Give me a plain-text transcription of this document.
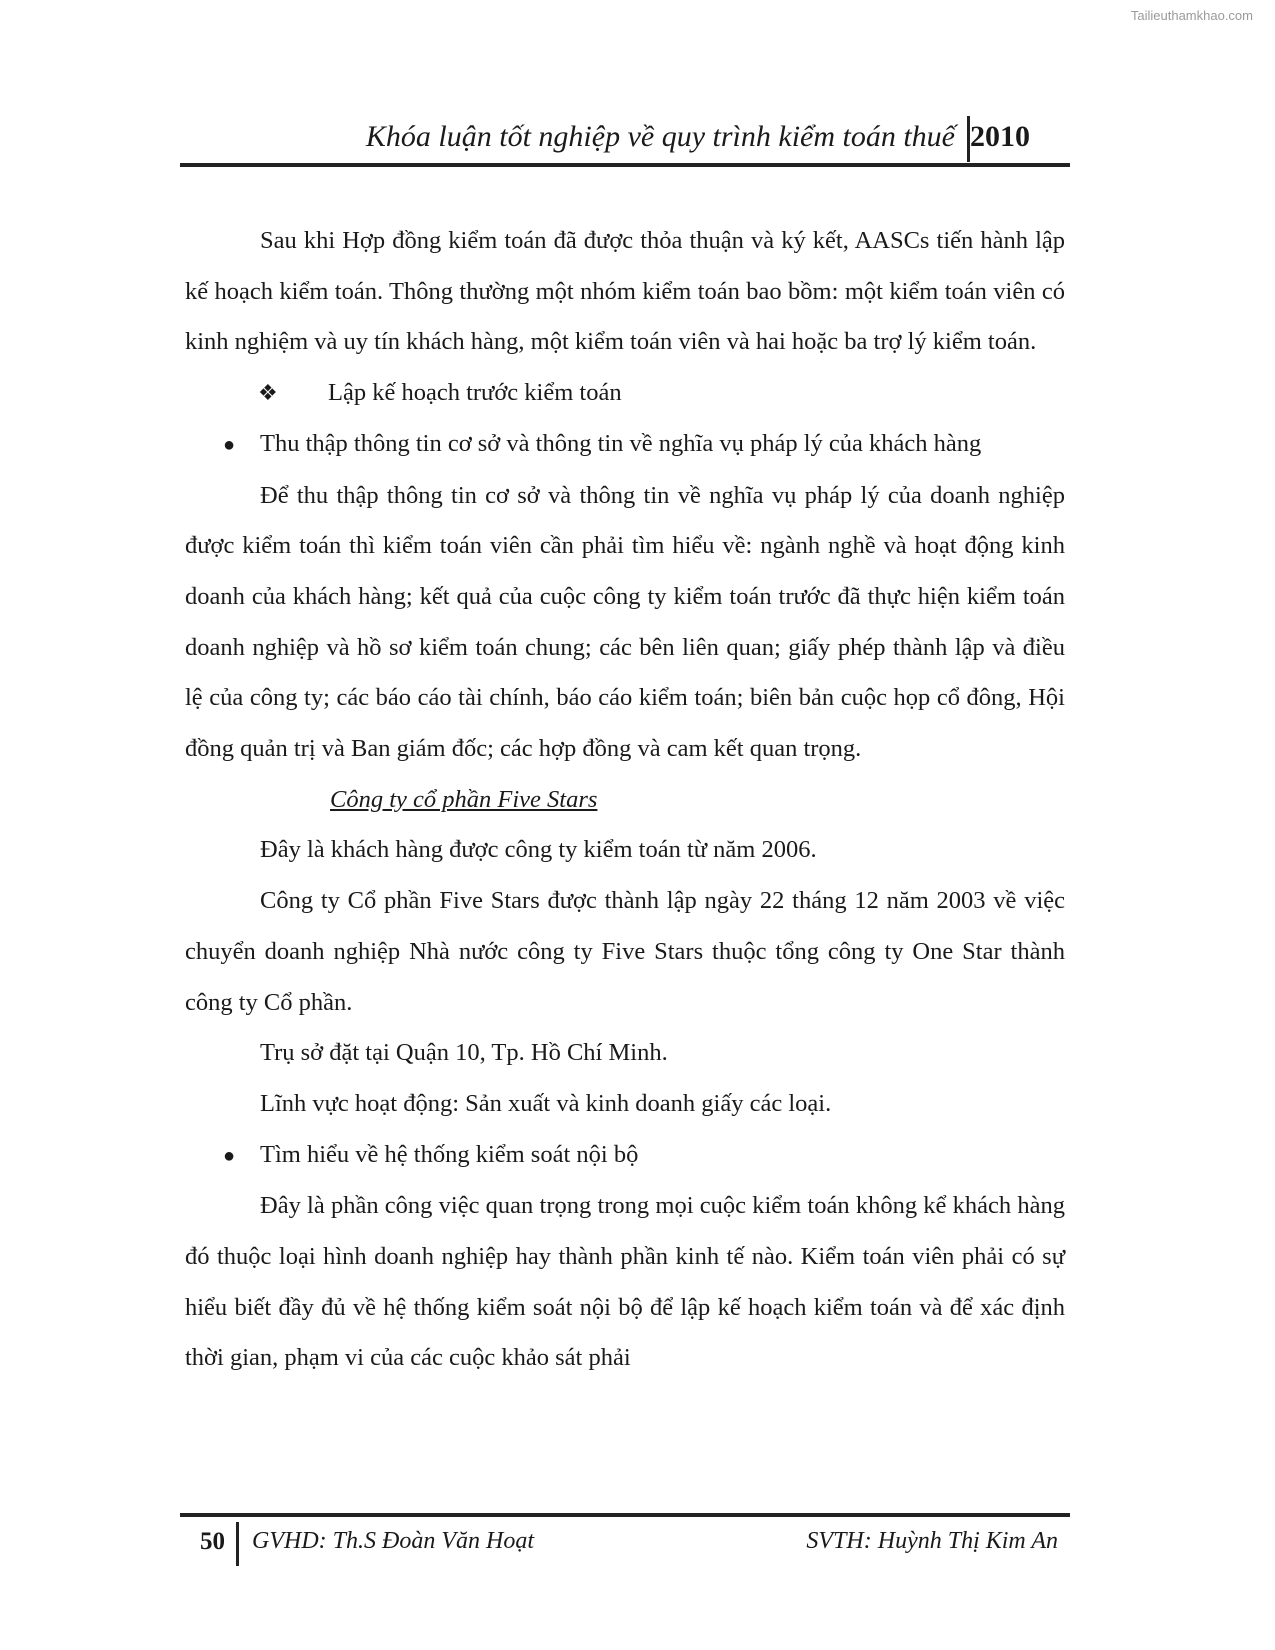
Tailieuthamkhao.com
Khóa luận tốt nghiệp về quy trình kiểm toán thuế 2010

Sau khi Hợp đồng kiểm toán đã được thỏa thuận và ký kết, AASCs tiến hành lập kế hoạch kiểm toán. Thông thường một nhóm kiểm toán bao bồm: một kiểm toán viên có kinh nghiệm và uy tín khách hàng, một kiểm toán viên và hai hoặc ba trợ lý kiểm toán.

❖ Lập kế hoạch trước kiểm toán

● Thu thập thông tin cơ sở và thông tin về nghĩa vụ pháp lý của khách hàng

Để thu thập thông tin cơ sở và thông tin về nghĩa vụ pháp lý của doanh nghiệp được kiểm toán thì kiểm toán viên cần phải tìm hiểu về: ngành nghề và hoạt động kinh doanh của khách hàng; kết quả của cuộc công ty kiểm toán trước đã thực hiện kiểm toán doanh nghiệp và hồ sơ kiểm toán chung; các bên liên quan; giấy phép thành lập và điều lệ của công ty; các báo cáo tài chính, báo cáo kiểm toán; biên bản cuộc họp cổ đông, Hội đồng quản trị và Ban giám đốc; các hợp đồng và cam kết quan trọng.

Công ty cổ phần Five Stars

Đây là khách hàng được công ty kiểm toán từ năm 2006.

Công ty Cổ phần Five Stars được thành lập ngày 22 tháng 12 năm 2003 về việc chuyển doanh nghiệp Nhà nước công ty Five Stars thuộc tổng công ty One Star thành công ty Cổ phần.

Trụ sở đặt tại Quận 10, Tp. Hồ Chí Minh.

Lĩnh vực hoạt động: Sản xuất và kinh doanh giấy các loại.

● Tìm hiểu về hệ thống kiểm soát nội bộ

Đây là phần công việc quan trọng trong mọi cuộc kiểm toán không kể khách hàng đó thuộc loại hình doanh nghiệp hay thành phần kinh tế nào. Kiểm toán viên phải có sự hiểu biết đầy đủ về hệ thống kiểm soát nội bộ để lập kế hoạch kiểm toán và để xác định thời gian, phạm vi của các cuộc khảo sát phải

50 GVHD: Th.S Đoàn Văn Hoạt	SVTH: Huỳnh Thị Kim An
